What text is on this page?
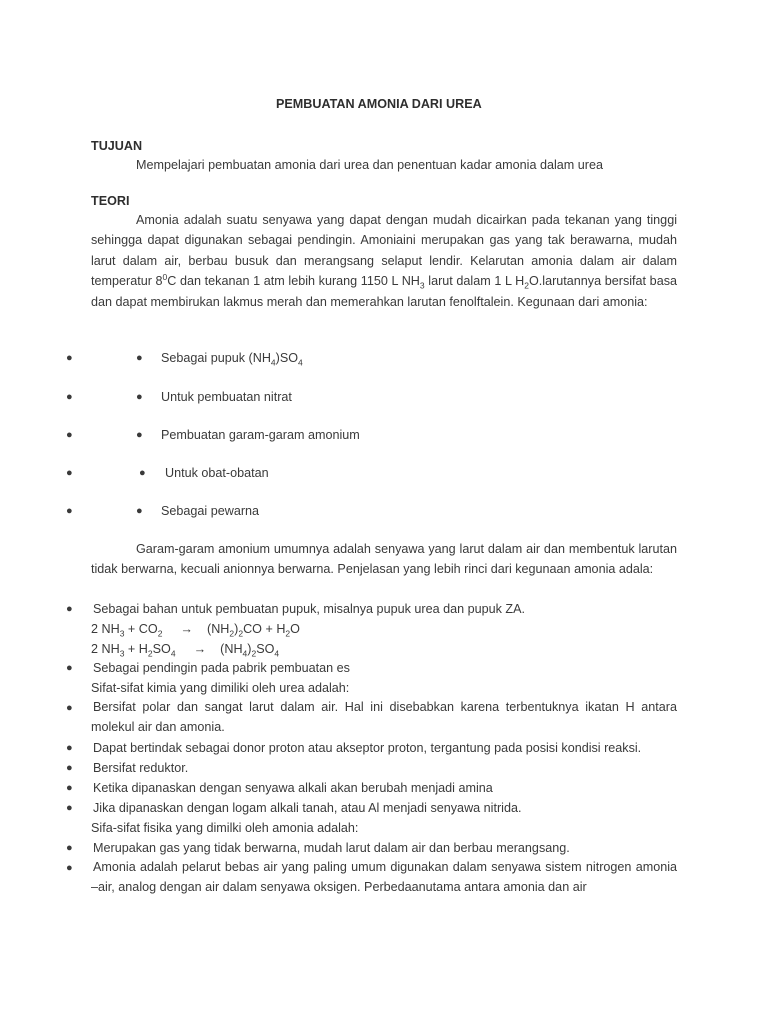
PEMBUATAN AMONIA DARI UREA
TUJUAN
Mempelajari pembuatan amonia dari urea dan penentuan kadar amonia dalam urea
TEORI
Amonia adalah suatu senyawa yang dapat dengan mudah dicairkan pada tekanan yang tinggi sehingga dapat digunakan sebagai pendingin. Amoniaini merupakan gas yang tak berawarna, mudah larut dalam air, berbau busuk dan merangsang selaput lendir. Kelarutan amonia dalam air dalam temperatur $8^0C$ dan tekanan 1 atm lebih kurang 1150 L $NH_3$ larut dalam 1 L $H_2O.larutannya$ bersifat basa dan dapat membirukan lakmus merah dan memerahkan larutan fenolftalein. Kegunaan dari amonia:
●	● Sebagai pupuk $(NH_4)SO_4$
●	● Untuk pembuatan nitrat
●	● Pembuatan garam-garam amonium
●	● Untuk obat-obatan
●	● Sebagai pewarna
Garam-garam amonium umumnya adalah senyawa yang larut dalam air dan membentuk larutan tidak berwarna, kecuali anionnya berwarna. Penjelasan yang lebih rinci dari kegunaan amonia adala:
● Sebagai bahan untuk pembuatan pupuk, misalnya pupuk urea dan pupuk ZA.
2 $NH_3 + CO_2 \to (NH_2)_2CO + H_2O$
2 $NH_3 + H_2SO_4 \to (NH_4)_2SO_4$
● Sebagai pendingin pada pabrik pembuatan es
Sifat-sifat kimia yang dimiliki oleh urea adalah:
● Bersifat polar dan sangat larut dalam air. Hal ini disebabkan karena terbentuknya ikatan H antara molekul air dan amonia.
● Dapat bertindak sebagai donor proton atau akseptor proton, tergantung pada posisi kondisi reaksi.
● Bersifat reduktor.
● Ketika dipanaskan dengan senyawa alkali akan berubah menjadi amina
● Jika dipanaskan dengan logam alkali tanah, atau Al menjadi senyawa nitrida.
Sifa-sifat fisika yang dimilki oleh amonia adalah:
● Merupakan gas yang tidak berwarna, mudah larut dalam air dan berbau merangsang.
● Amonia adalah pelarut bebas air yang paling umum digunakan dalam senyawa sistem nitrogen amonia –air, analog dengan air dalam senyawa oksigen. Perbedaanutama antara amonia dan air
